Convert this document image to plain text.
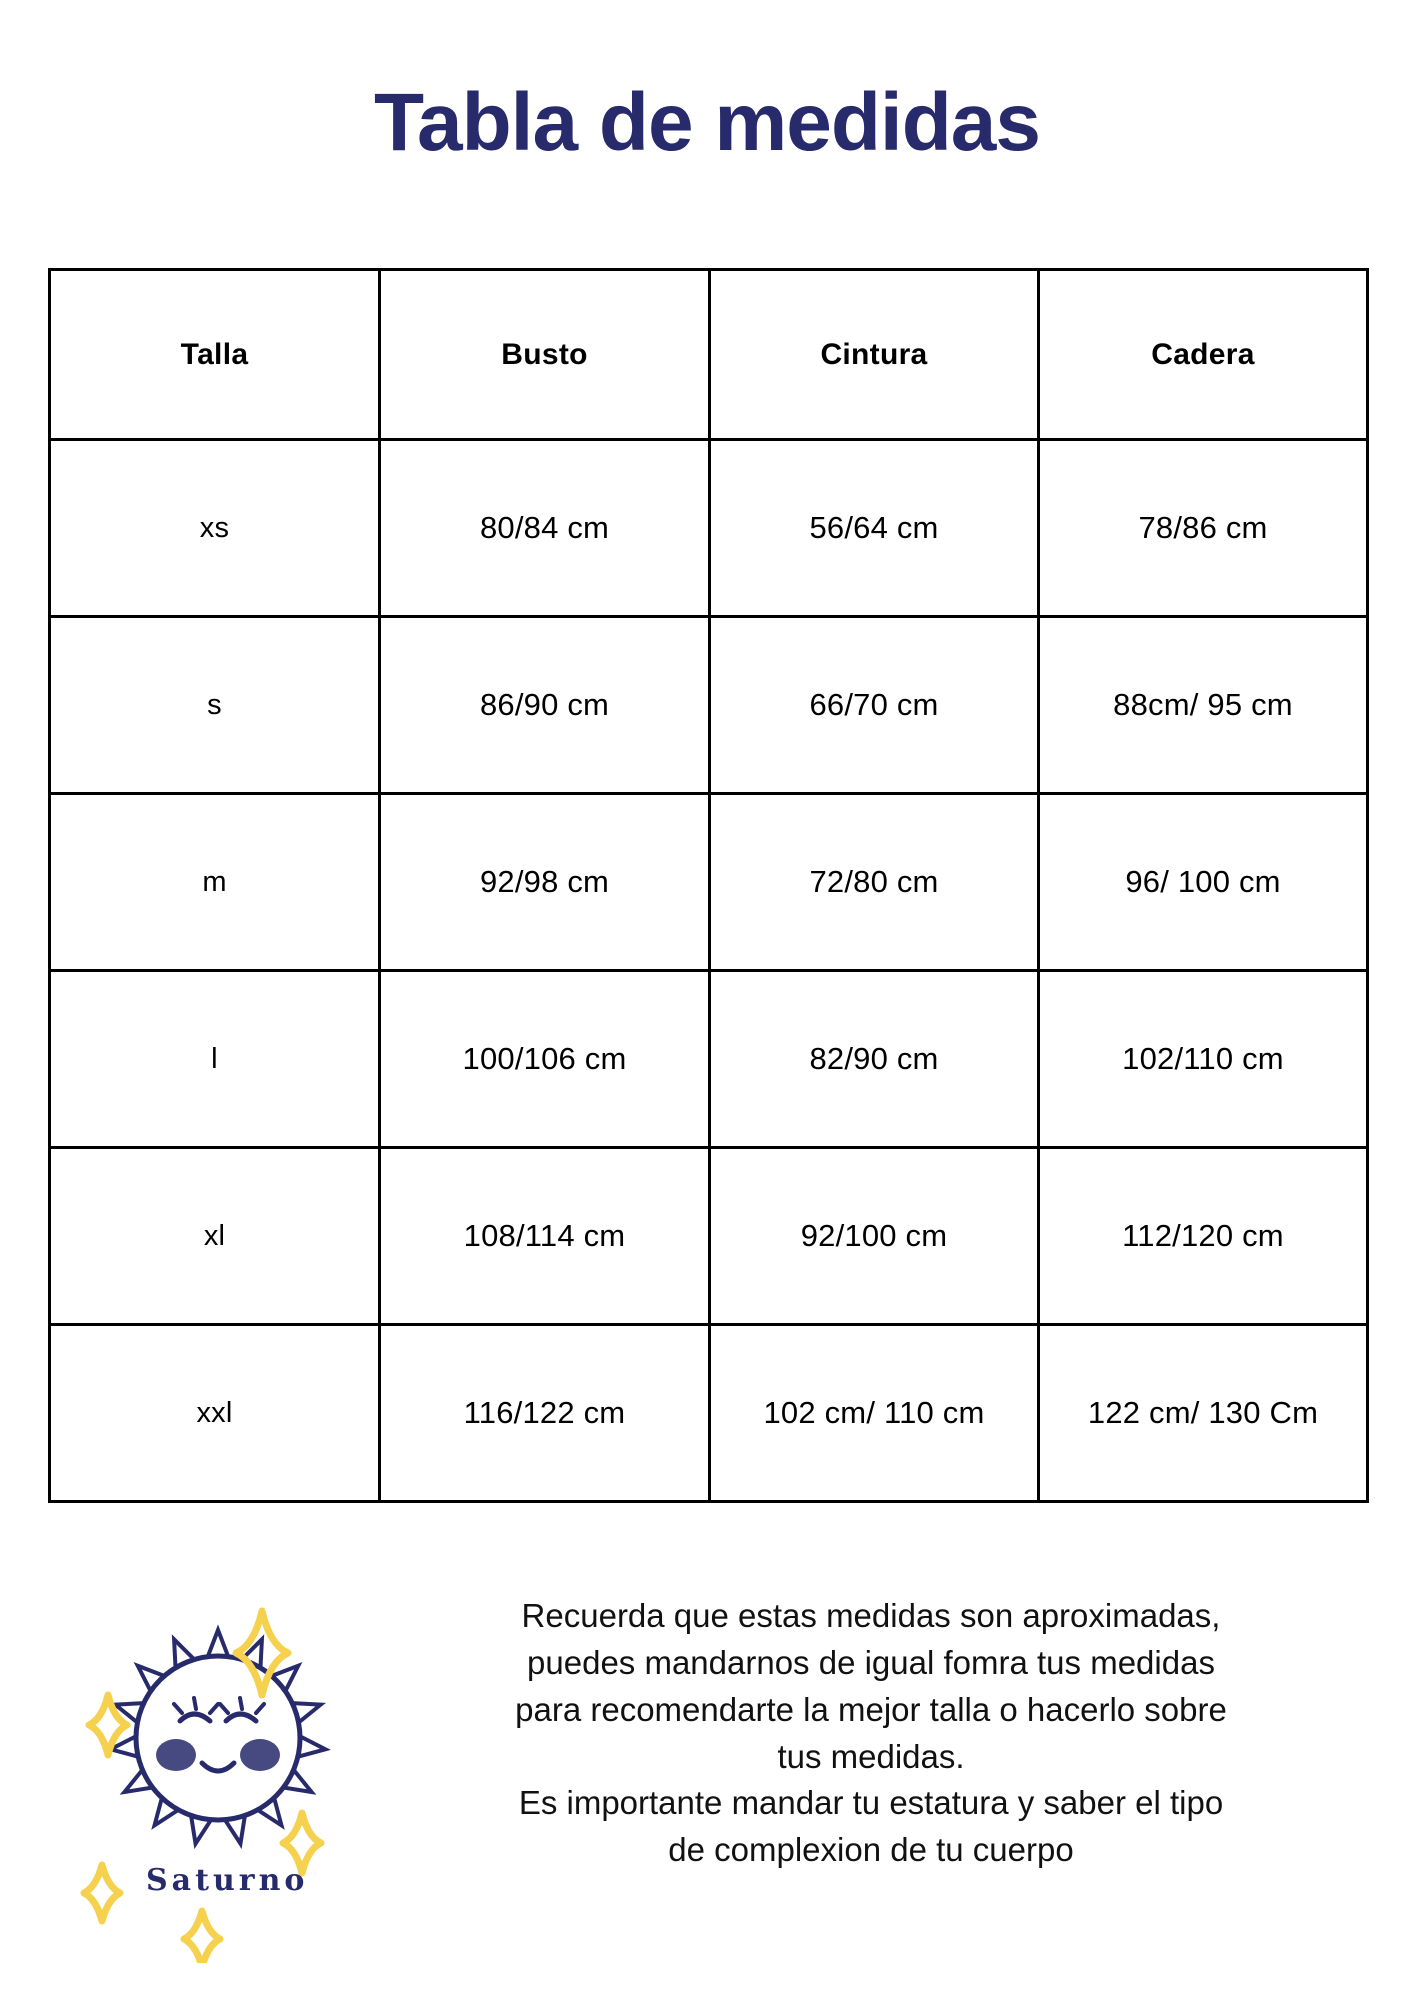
Tabla de medidas
Talla	Busto	Cintura	Cadera
xs	80/84 cm	56/64 cm	78/86 cm
s	86/90 cm	66/70 cm	88cm/ 95 cm
m	92/98 cm	72/80 cm	96/ 100 cm
l	100/106 cm	82/90 cm	102/110 cm
xl	108/114 cm	92/100 cm	112/120 cm
xxl	116/122 cm	102 cm/ 110 cm	122 cm/ 130 Cm
Saturno

Recuerda que estas medidas son aproximadas,

puedes mandarnos de igual fomra tus medidas

para recomendarte la mejor talla o hacerlo sobre

tus medidas.

Es importante mandar tu estatura y saber el tipo

de complexion de tu cuerpo
